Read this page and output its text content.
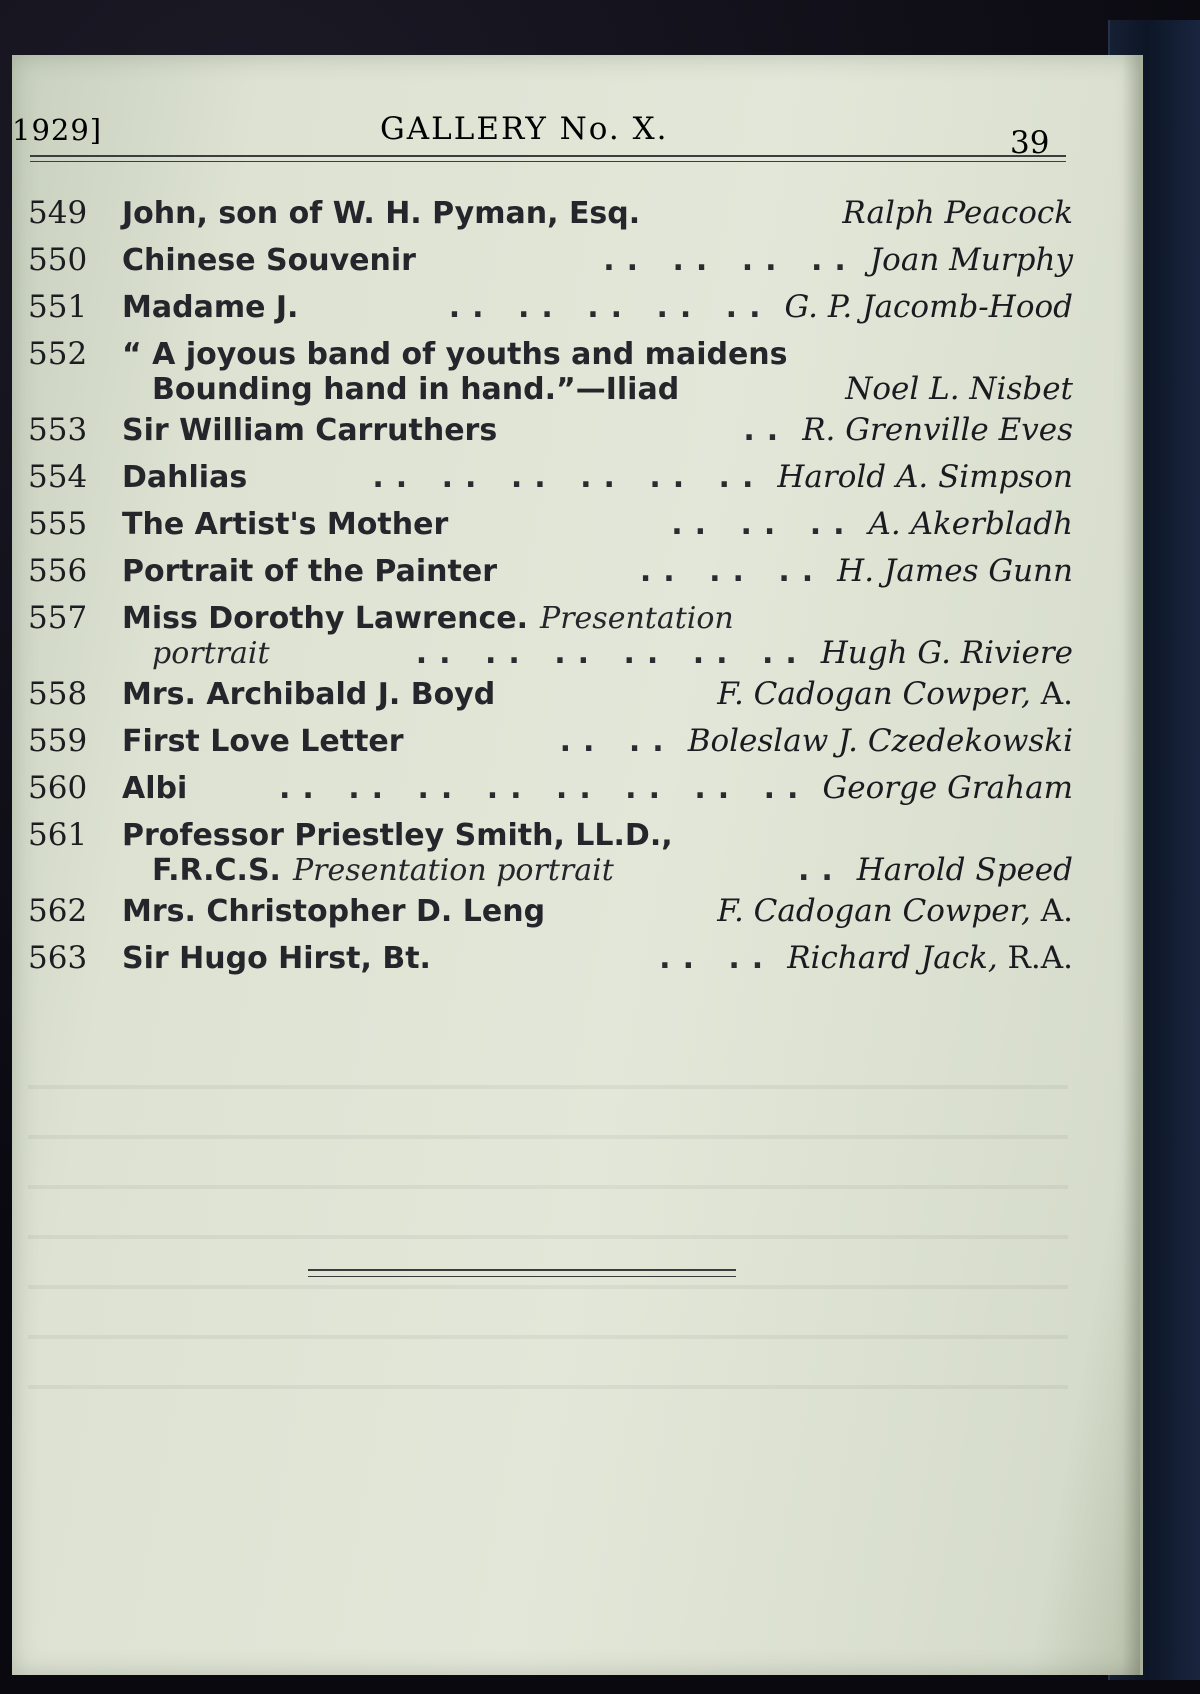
1929]	GALLERY No. X.	39
549	John, son of W. H. Pyman, Esq.	Ralph Peacock
550	Chinese Souvenir	.. .. .. .. Joan Murphy
551	Madame J.	.. .. .. .. .. G. P. Jacomb-Hood
552	“ A joyous band of youths and maidens
Bounding hand in hand.”—Iliad	Noel L. Nisbet
553	Sir William Carruthers	.. R. Grenville Eves
554	Dahlias	.. .. .. .. .. .. Harold A. Simpson
555	The Artist's Mother	.. .. .. A. Akerbladh
556	Portrait of the Painter	.. .. .. H. James Gunn
557	Miss Dorothy Lawrence. Presentation
portrait	.. .. .. .. .. .. Hugh G. Riviere
558	Mrs. Archibald J. Boyd	F. Cadogan Cowper, A.
559	First Love Letter	.. .. Boleslaw J. Czedekowski
560	Albi	.. .. .. .. .. .. .. .. George Graham
561	Professor Priestley Smith, LL.D.,
F.R.C.S. Presentation portrait	.. Harold Speed
562	Mrs. Christopher D. Leng	F. Cadogan Cowper, A.
563	Sir Hugo Hirst, Bt.	.. .. Richard Jack, R.A.
